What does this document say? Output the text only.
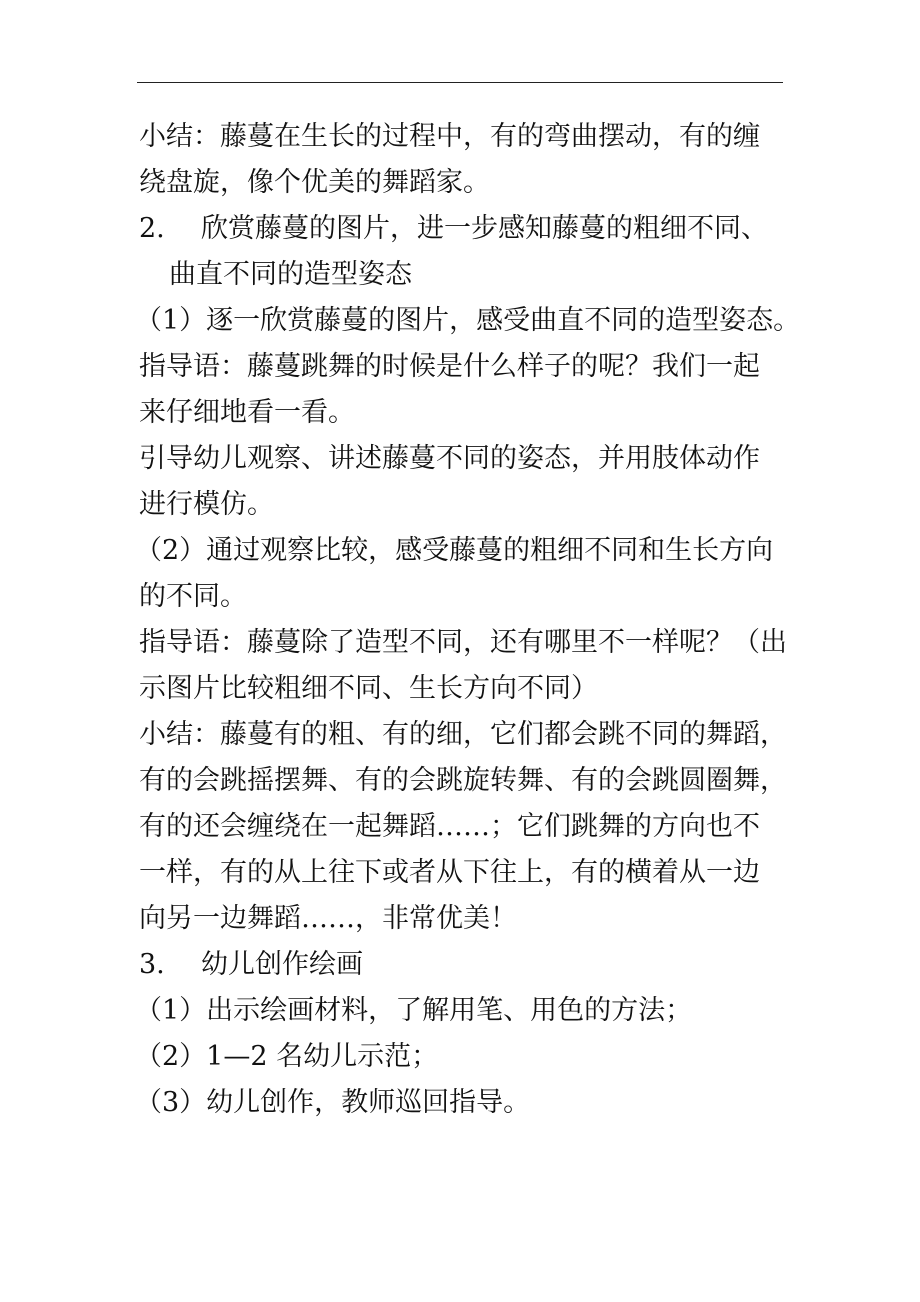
小结：藤蔓在生长的过程中，有的弯曲摆动，有的缠
绕盘旋，像个优美的舞蹈家。
2. 欣赏藤蔓的图片，进一步感知藤蔓的粗细不同、
曲直不同的造型姿态
（1）逐一欣赏藤蔓的图片，感受曲直不同的造型姿态。
指导语：藤蔓跳舞的时候是什么样子的呢？我们一起
来仔细地看一看。
引导幼儿观察、讲述藤蔓不同的姿态，并用肢体动作
进行模仿。
（2）通过观察比较，感受藤蔓的粗细不同和生长方向
的不同。
指导语：藤蔓除了造型不同，还有哪里不一样呢？（出
示图片比较粗细不同、生长方向不同）
小结：藤蔓有的粗、有的细，它们都会跳不同的舞蹈，
有的会跳摇摆舞、有的会跳旋转舞、有的会跳圆圈舞，
有的还会缠绕在一起舞蹈……；它们跳舞的方向也不
一样，有的从上往下或者从下往上，有的横着从一边
向另一边舞蹈……，非常优美！
3. 幼儿创作绘画
（1）出示绘画材料，了解用笔、用色的方法；
（2）1—2 名幼儿示范；
（3）幼儿创作，教师巡回指导。
